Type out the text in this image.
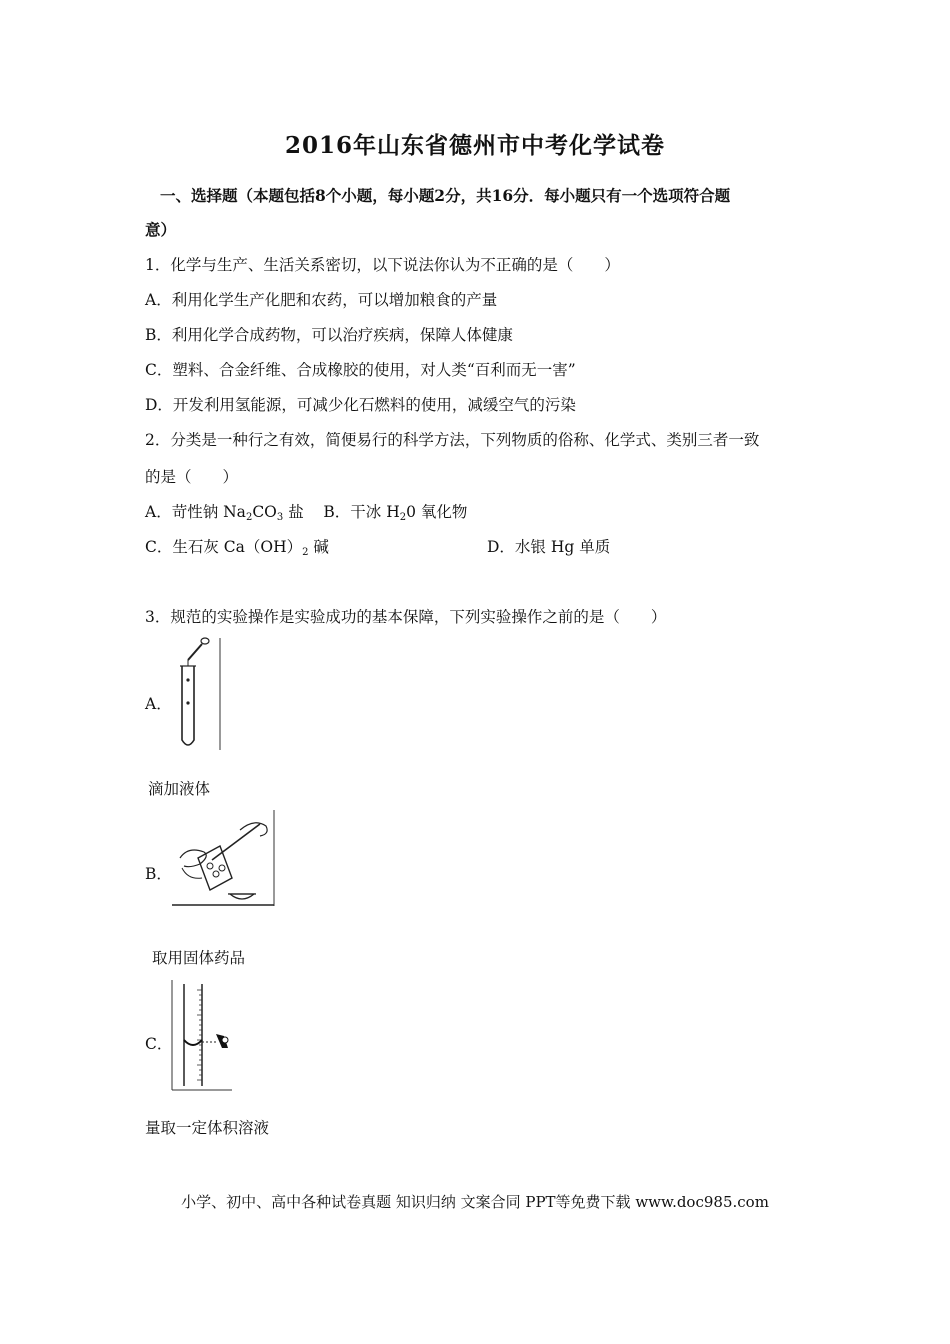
2016年山东省德州市中考化学试卷
一、选择题（本题包括8个小题，每小题2分，共16分．每小题只有一个选项符合题
意）
1．化学与生产、生活关系密切，以下说法你认为不正确的是（　　）
A．利用化学生产化肥和农药，可以增加粮食的产量
B．利用化学合成药物，可以治疗疾病，保障人体健康
C．塑料、合金纤维、合成橡胶的使用，对人类“百利而无一害”
D．开发利用氢能源，可减少化石燃料的使用，减缓空气的污染
2．分类是一种行之有效，简便易行的科学方法，下列物质的俗称、化学式、类别三者一致
的是（　　）
A．苛性钠 $Na_2CO_3$ 盐 B．干冰 $H_20$ 氧化物
C．生石灰 $Ca(OH)_2$ 碱	D．水银 Hg 单质
3．规范的实验操作是实验成功的基本保障，下列实验操作之前的是（　　）
A．
滴加液体
B．
取用固体药品
C．
量取一定体积溶液
小学、初中、高中各种试卷真题 知识归纳 文案合同 PPT等免费下载 www.doc985.com
